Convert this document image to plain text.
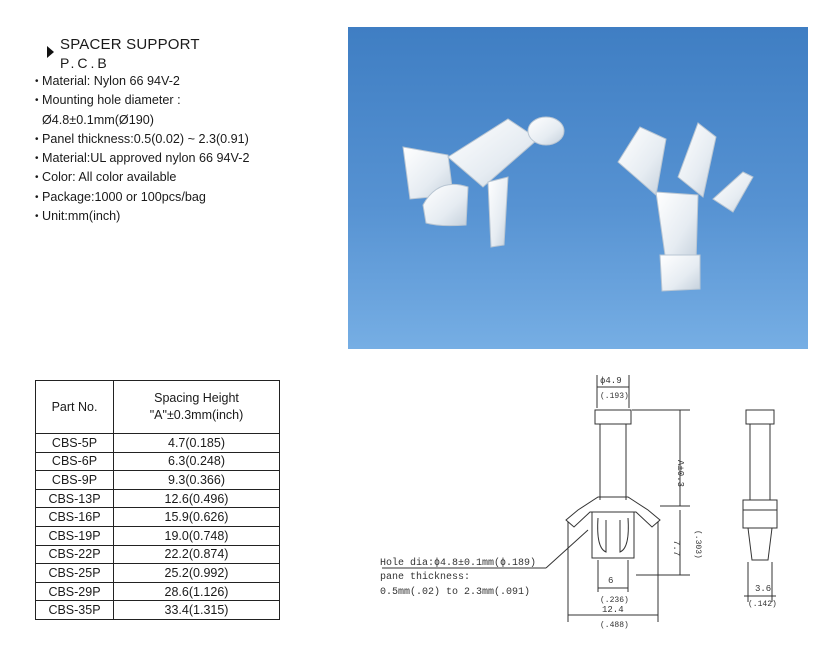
SPACER SUPPORT
P.C.B
• Material: Nylon 66 94V-2
• Mounting hole diameter :
Ø4.8±0.1mm(Ø190)
• Panel thickness:0.5(0.02) ~ 2.3(0.91)
• Material:UL approved nylon 66 94V-2
• Color: All color available
• Package:1000 or 100pcs/bag
• Unit:mm(inch)
Part No.	Spacing Height
"A"±0.3mm(inch)

CBS-5P	4.7(0.185)
CBS-6P	6.3(0.248)
CBS-9P	9.3(0.366)
CBS-13P	12.6(0.496)
CBS-16P	15.9(0.626)
CBS-19P	19.0(0.748)
CBS-22P	22.2(0.874)
CBS-25P	25.2(0.992)
CBS-29P	28.6(1.126)
CBS-35P	33.4(1.315)
ϕ4.9
(.193)
A±0.3
7.7 (.303)
6
(.236)
12.4
(.488)
3.6
(.142)
Hole dia:ϕ4.8±0.1mm(ϕ.189)
pane thickness:
0.5mm(.02) to 2.3mm(.091)
